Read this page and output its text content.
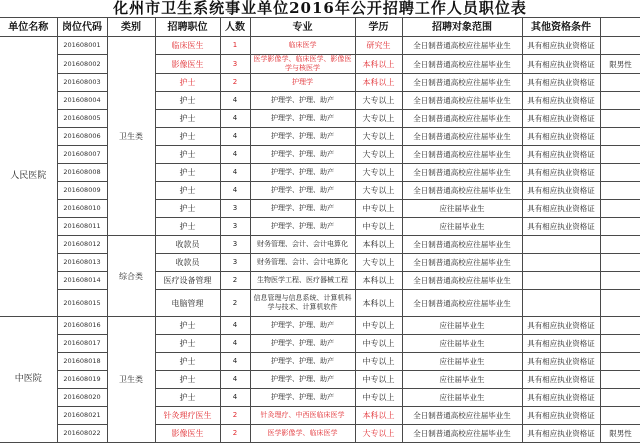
化州市卫生系统事业单位2016年公开招聘工作人员职位表
单位名称	岗位代码	类别	招聘职位	人数	专业	学历	招聘对象范围	其他资格条件	
人民医院	201608001	卫生类	临床医生	1	临床医学	研究生	全日制普通高校应往届毕业生	具有相应执业资格证	
	201608002		影像医生	3	医学影像学、临床医学、影像医学与核医学	本科以上	全日制普通高校应往届毕业生	具有相应执业资格证	限男性
	201608003		护士	2	护理学	本科以上	全日制普通高校应往届毕业生	具有相应执业资格证	
	201608004		护士	4	护理学、护理、助产	大专以上	全日制普通高校应往届毕业生	具有相应执业资格证	
	201608005		护士	4	护理学、护理、助产	大专以上	全日制普通高校应往届毕业生	具有相应执业资格证	
	201608006		护士	4	护理学、护理、助产	大专以上	全日制普通高校应往届毕业生	具有相应执业资格证	
	201608007		护士	4	护理学、护理、助产	大专以上	全日制普通高校应往届毕业生	具有相应执业资格证	
	201608008		护士	4	护理学、护理、助产	大专以上	全日制普通高校应往届毕业生	具有相应执业资格证	
	201608009		护士	4	护理学、护理、助产	大专以上	全日制普通高校应往届毕业生	具有相应执业资格证	
	201608010		护士	3	护理学、护理、助产	中专以上	应往届毕业生	具有相应执业资格证	
	201608011		护士	3	护理学、护理、助产	中专以上	应往届毕业生	具有相应执业资格证	
	201608012	综合类	收款员	3	财务管理、会计、会计电算化	本科以上	全日制普通高校应往届毕业生		
	201608013		收款员	3	财务管理、会计、会计电算化	大专以上	全日制普通高校应往届毕业生		
	201608014		医疗设备管理	2	生物医学工程、医疗器械工程	本科以上	全日制普通高校应往届毕业生		
	201608015		电脑管理	2	信息管理与信息系统、计算机科学与技术、计算机软件	本科以上	全日制普通高校应往届毕业生		
中医院	201608016	卫生类	护士	4	护理学、护理、助产	中专以上	应往届毕业生	具有相应执业资格证	
	201608017		护士	4	护理学、护理、助产	中专以上	应往届毕业生	具有相应执业资格证	
	201608018		护士	4	护理学、护理、助产	中专以上	应往届毕业生	具有相应执业资格证	
	201608019		护士	4	护理学、护理、助产	中专以上	应往届毕业生	具有相应执业资格证	
	201608020		护士	4	护理学、护理、助产	中专以上	应往届毕业生	具有相应执业资格证	
	201608021		针灸理疗医生	2	针灸理疗、中西医临床医学	本科以上	全日制普通高校应往届毕业生	具有相应执业资格证	
	201608022		影像医生	2	医学影像学、临床医学	大专以上	全日制普通高校应往届毕业生	具有相应执业资格证	限男性
